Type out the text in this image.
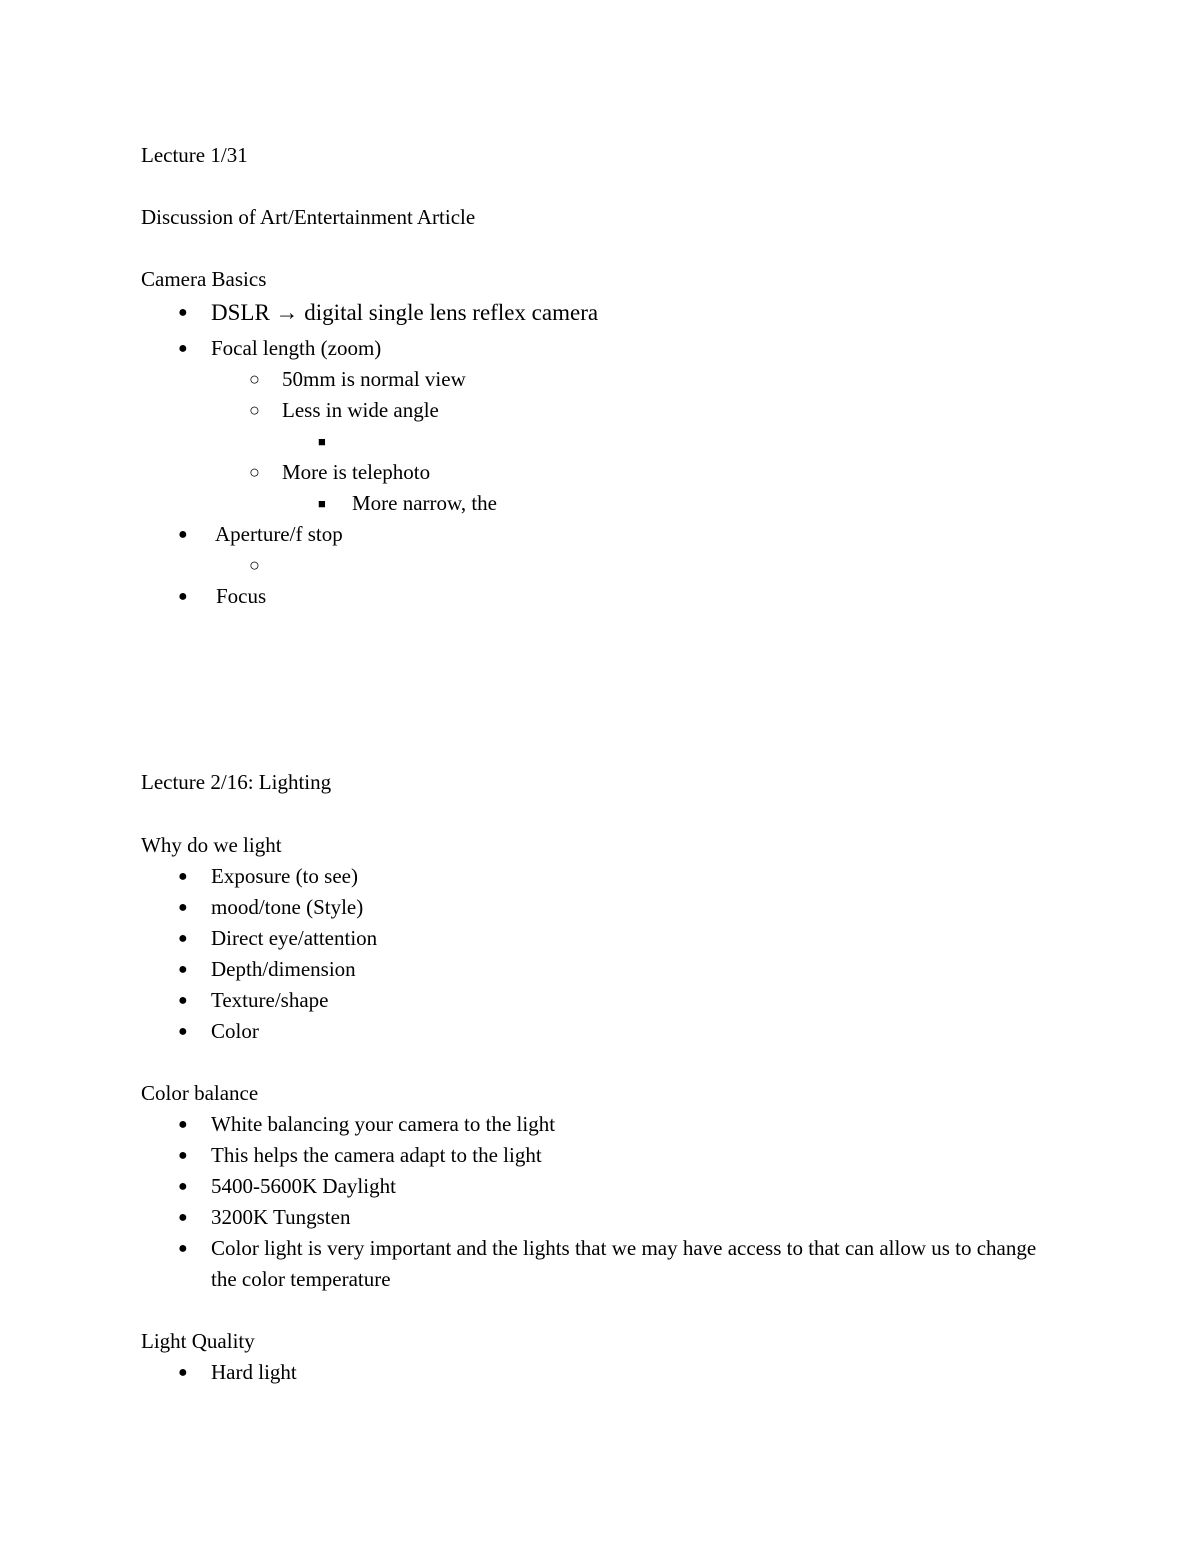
Lecture 1/31
Discussion of Art/Entertainment Article
Camera Basics
● DSLR → digital single lens reflex camera
● Focal length (zoom)
○ 50mm is normal view
○ Less in wide angle
■
○ More is telephoto
■ More narrow, the
● Aperture/f stop
○
● Focus
Lecture 2/16: Lighting
Why do we light
● Exposure (to see)
● mood/tone (Style)
● Direct eye/attention
● Depth/dimension
● Texture/shape
● Color
Color balance
● White balancing your camera to the light
● This helps the camera adapt to the light
● 5400-5600K Daylight
● 3200K Tungsten
● Color light is very important and the lights that we may have access to that can allow us to change the color temperature
Light Quality
● Hard light
